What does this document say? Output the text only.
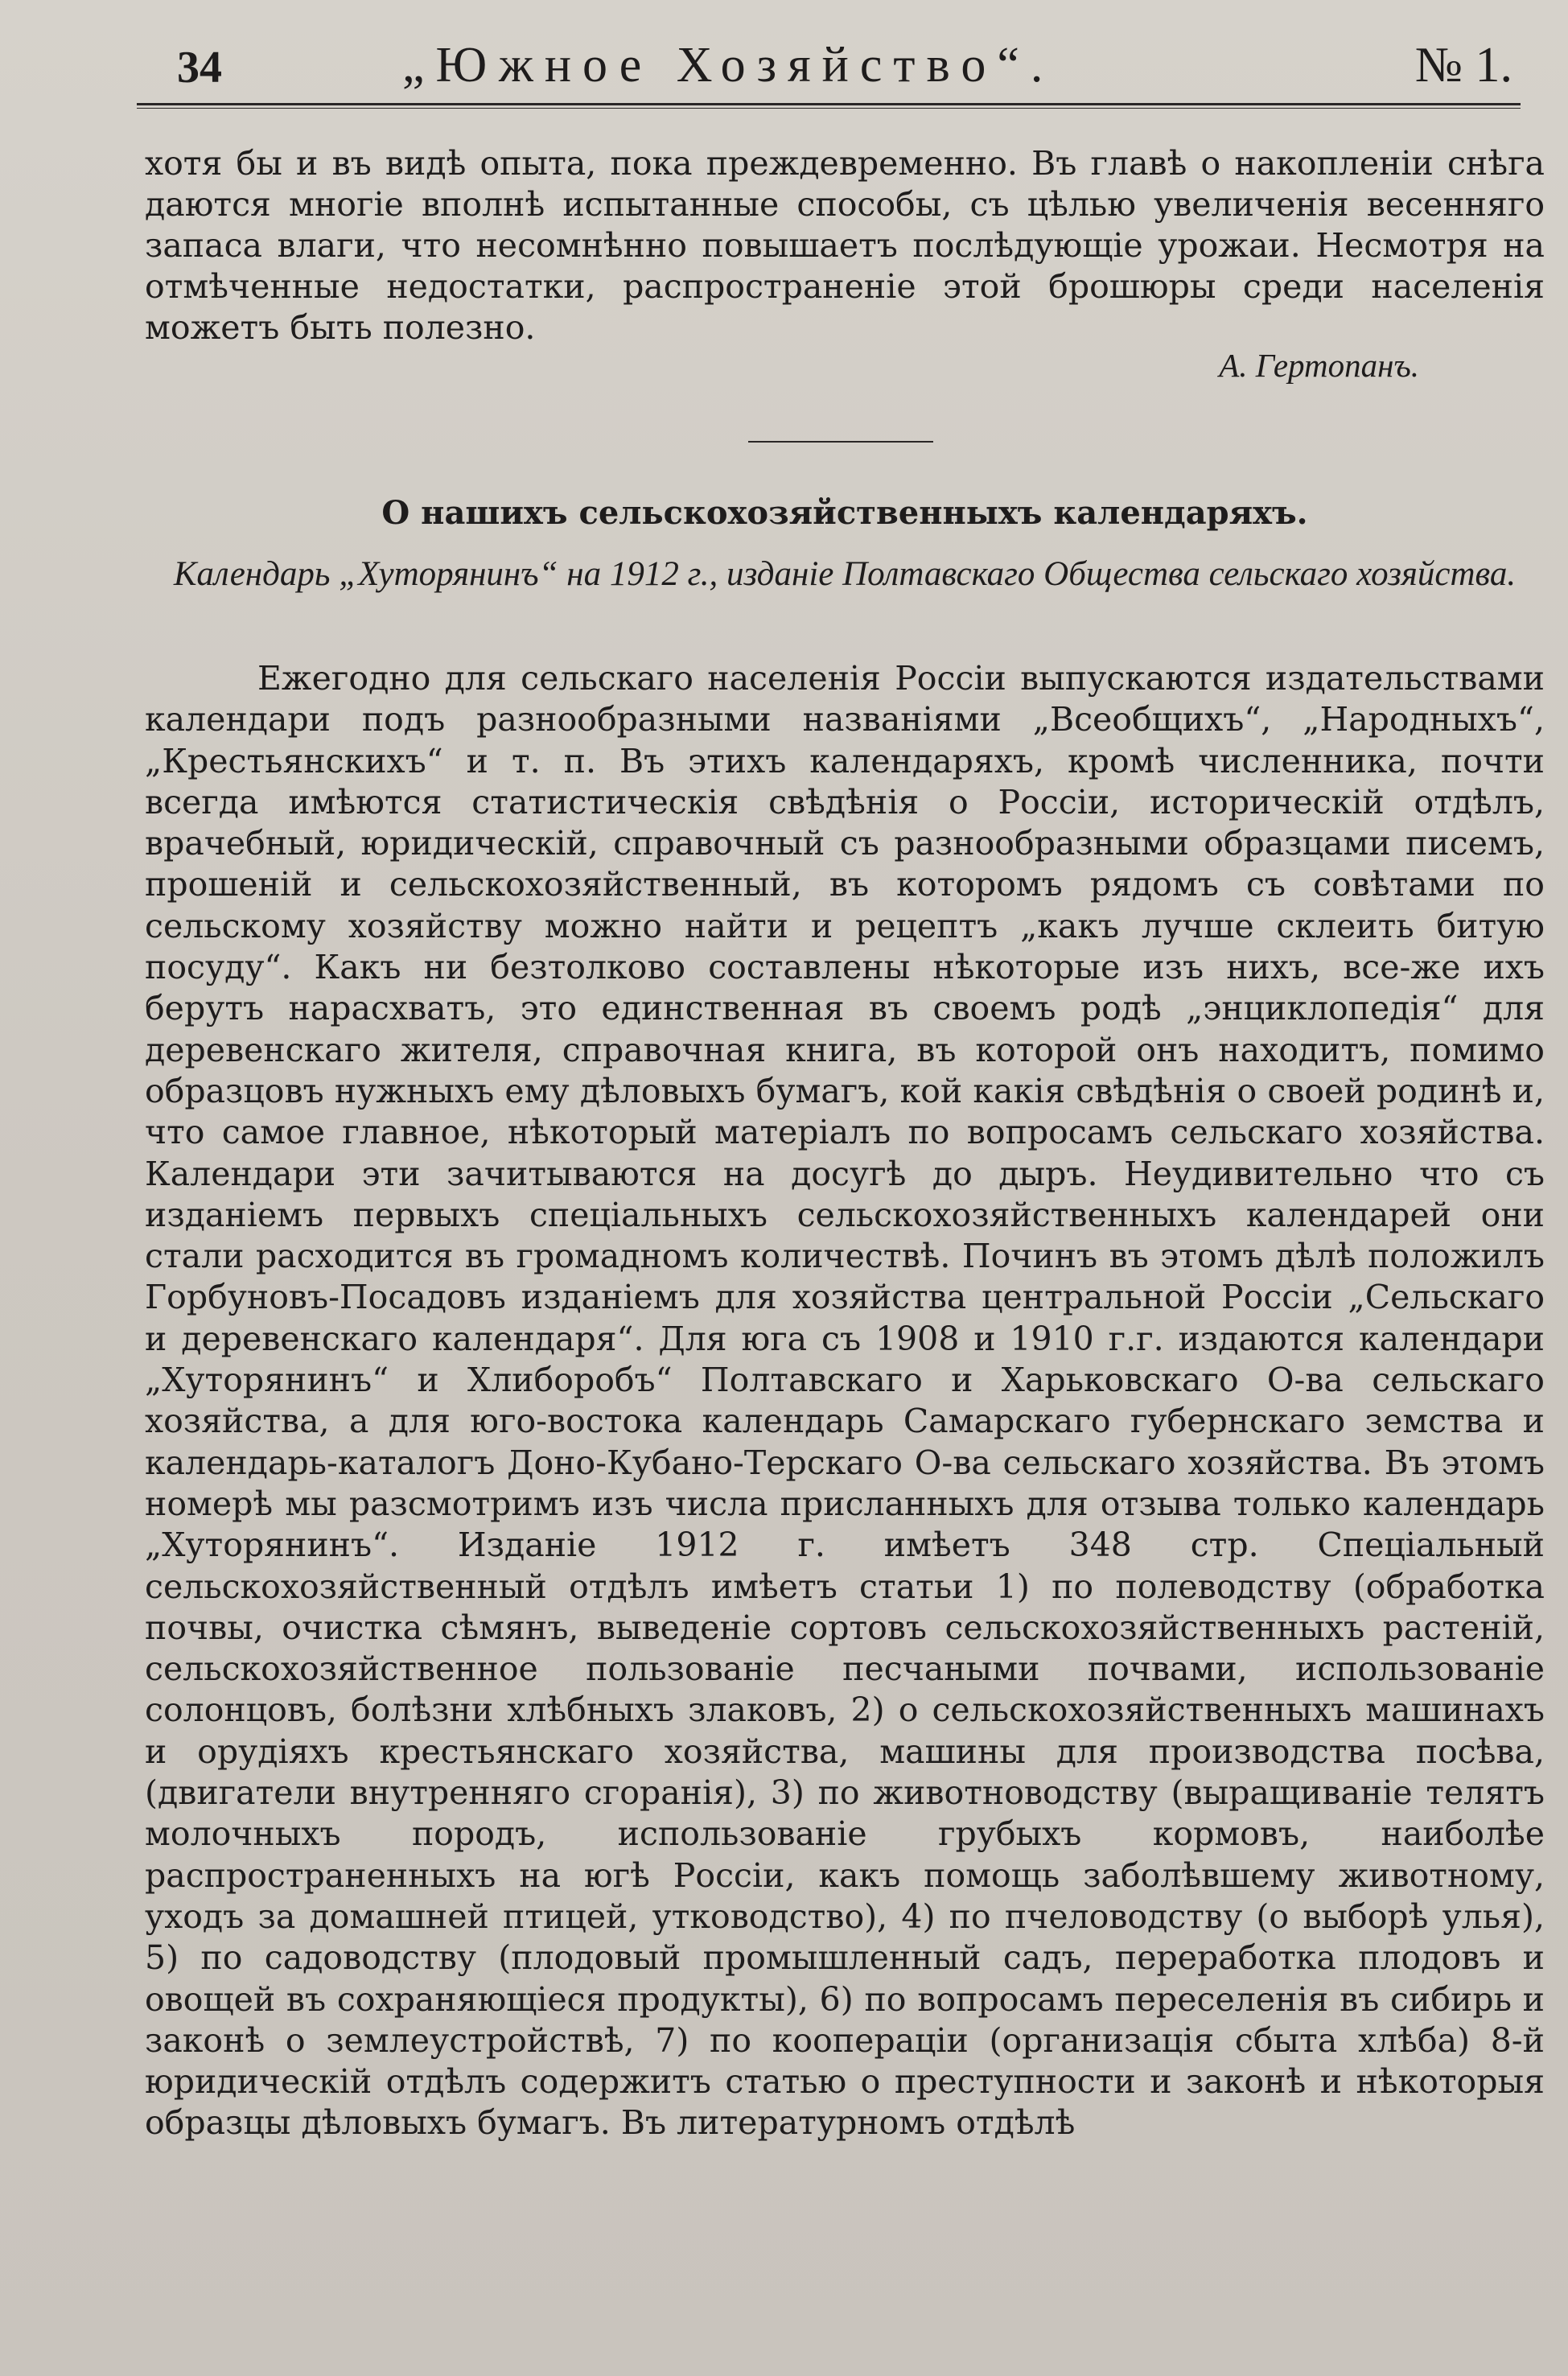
34	„Южное Хозяйство“.	№ 1.
хотя бы и въ видѣ опыта, пока преждевременно. Въ главѣ о накопленіи снѣга даются многіе вполнѣ испытанные способы, съ цѣлью увеличенія весенняго запаса влаги, что несомнѣнно повышаетъ послѣдующіе урожаи. Несмотря на отмѣченные недостатки, распространеніе этой брошюры среди населенія можетъ быть полезно.
А. Гертопанъ.
О нашихъ сельскохозяйственныхъ календаряхъ.
Календарь „Хуторянинъ“ на 1912 г., изданіе Полтавскаго Общества сельскаго хозяйства.
Ежегодно для сельскаго населенія Россіи выпускаются издательствами календари подъ разнообразными названіями „Всеобщихъ“, „Народныхъ“, „Крестьянскихъ“ и т. п. Въ этихъ календаряхъ, кромѣ численника, почти всегда имѣются статистическія свѣдѣнія о Россіи, историческій отдѣлъ, врачебный, юридическій, справочный съ разнообразными образцами писемъ, прошеній и сельскохозяйственный, въ которомъ рядомъ съ совѣтами по сельскому хозяйству можно найти и рецептъ „какъ лучше склеить битую посуду“. Какъ ни безтолково составлены нѣкоторые изъ нихъ, все-же ихъ берутъ нарасхватъ, это единственная въ своемъ родѣ „энциклопедія“ для деревенскаго жителя, справочная книга, въ которой онъ находитъ, помимо образцовъ нужныхъ ему дѣловыхъ бумагъ, кой какія свѣдѣнія о своей родинѣ и, что самое главное, нѣкоторый матеріалъ по вопросамъ сельскаго хозяйства. Календари эти зачитываются на досугѣ до дыръ. Неудивительно что съ изданіемъ первыхъ спеціальныхъ сельскохозяйственныхъ календарей они стали расходится въ громадномъ количествѣ. Починъ въ этомъ дѣлѣ положилъ Горбуновъ-Посадовъ изданіемъ для хозяйства центральной Россіи „Сельскаго и деревенскаго календаря“. Для юга съ 1908 и 1910 г.г. издаются календари „Хуторянинъ“ и Хлиборобъ“ Полтавскаго и Харьковскаго О-ва сельскаго хозяйства, а для юго-востока календарь Самарскаго губернскаго земства и календарь-каталогъ Доно-Кубано-Терскаго О-ва сельскаго хозяйства. Въ этомъ номерѣ мы разсмотримъ изъ числа присланныхъ для отзыва только календарь „Хуторянинъ“. Изданіе 1912 г. имѣетъ 348 стр. Спеціальный сельскохозяйственный отдѣлъ имѣетъ статьи 1) по полеводству (обработка почвы, очистка сѣмянъ, выведеніе сортовъ сельскохозяйственныхъ растеній, сельскохозяйственное пользованіе песчаными почвами, использованіе солонцовъ, болѣзни хлѣбныхъ злаковъ, 2) о сельскохозяйственныхъ машинахъ и орудіяхъ крестьянскаго хозяйства, машины для производства посѣва, (двигатели внутренняго сгоранія), 3) по животноводству (выращиваніе телятъ молочныхъ породъ, использованіе грубыхъ кормовъ, наиболѣе распространенныхъ на югѣ Россіи, какъ помощь заболѣвшему животному, уходъ за домашней птицей, утководство), 4) по пчеловодству (о выборѣ улья), 5) по садоводству (плодовый промышленный садъ, переработка плодовъ и овощей въ сохраняющіеся продукты), 6) по вопросамъ переселенія въ сибирь и законѣ о землеустройствѣ, 7) по коопераціи (организація сбыта хлѣба) 8-й юридическій отдѣлъ содержитъ статью о преступности и законѣ и нѣкоторыя образцы дѣловыхъ бумагъ. Въ литературномъ отдѣлѣ
